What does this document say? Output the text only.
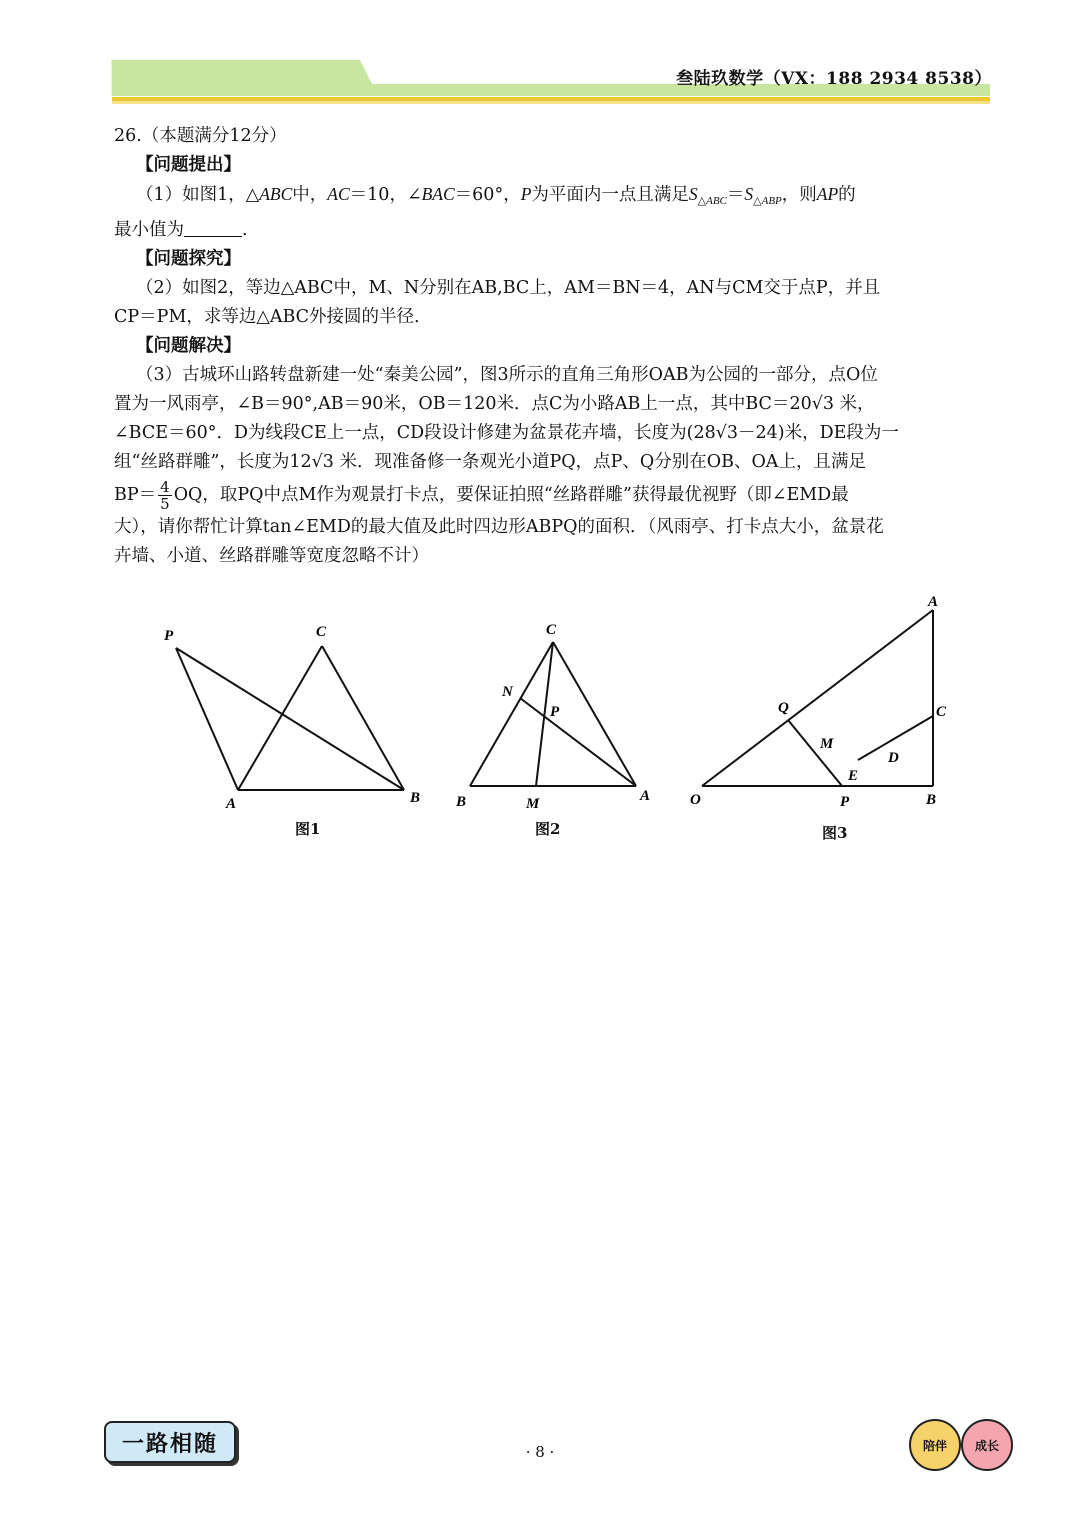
叁陆玖数学（VX：188 2934 8538）

26.（本题满分12分）

【问题提出】

（1）如图1，△ABC中，AC＝10，∠BAC＝60°，P为平面内一点且满足$S_{\triangle ABC}=S_{\triangle ABP}$，则AP的

最小值为	.

【问题探究】

（2）如图2，等边△ABC中，M、N分别在AB,BC上，AM＝BN＝4，AN与CM交于点P，并且

CP＝PM，求等边△ABC外接圆的半径.

【问题解决】

（3）古城环山路转盘新建一处“秦美公园”，图3所示的直角三角形OAB为公园的一部分，点O位

置为一风雨亭，∠B＝90°,AB＝90米，OB＝120米．点C为小路AB上一点，其中BC＝20√3 米，

∠BCE＝60°．D为线段CE上一点，CD段设计修建为盆景花卉墙，长度为(28√3－24)米，DE段为一

组“丝路群雕”，长度为12√3 米．现准备修一条观光小道PQ，点P、Q分别在OB、OA上，且满足

$BP= \frac{4}{5}$ OQ，取PQ中点M作为观景打卡点，要保证拍照“丝路群雕”获得最优视野（即∠EMD最

大），请你帮忙计算tan∠EMD的最大值及此时四边形ABPQ的面积．（风雨亭、打卡点大小，盆景花

卉墙、小道、丝路群雕等宽度忽略不计）

P	C
A	B
图1
C
N
P
B	M	A
图2
A
Q	C
M
D
E
O	P	B
图3
一路相随	· 8 ·	陪伴	成长
